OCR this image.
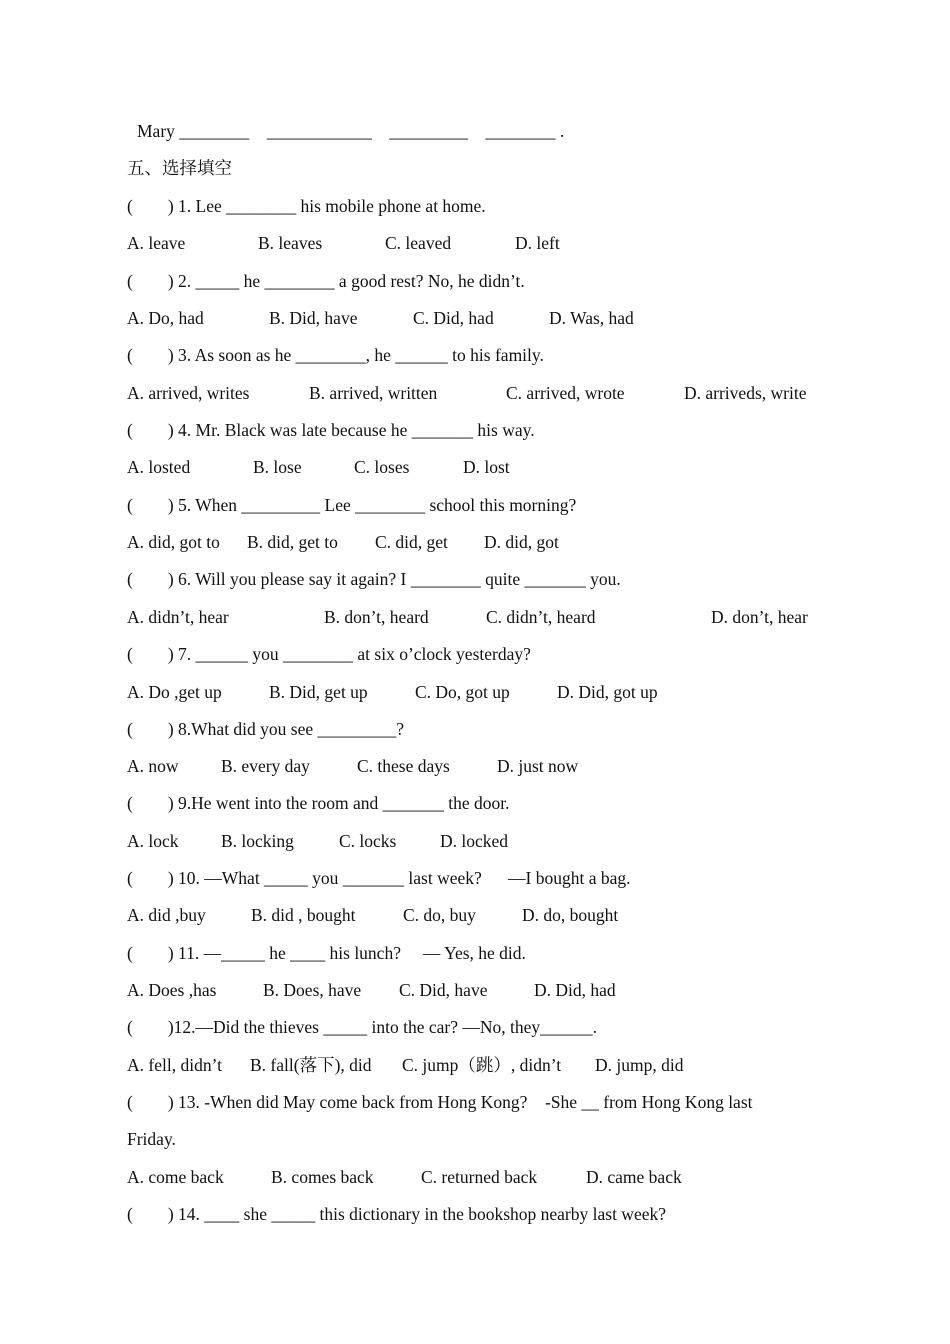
Mary ________    ____________    _________    ________ .
五、选择填空
(        ) 1. Lee ________ his mobile phone at home.

A. leave

	B. leaves

	C. leaved

	D. left

(        ) 2. _____ he ________ a good rest? No, he didn’t.

A. Do, had

	B. Did, have

	C. Did, had

	D. Was, had

(        ) 3. As soon as he ________, he ______ to his family.

A. arrived, writes

	B. arrived, written

	C. arrived, wrote

	D. arriveds, write

(        ) 4. Mr. Black was late because he _______ his way.

A. losted

	B. lose

	C. loses

	D. lost

(        ) 5. When _________ Lee ________ school this morning?

A. did, got to

B. did, get to

C. did, get

D. did, got

(        ) 6. Will you please say it again? I ________ quite _______ you.

A. didn’t, hear

	B. don’t, heard

	C. didn’t, heard

	D. don’t, hear

(        ) 7. ______ you ________ at six o’clock yesterday?

A. Do ,get up

	B. Did, get up

	C. Do, got up

	D. Did, got up

(        ) 8.What did you see _________?

A. now

B. every day

	C. these days

	D. just now

(        ) 9.He went into the room and _______ the door.

A. lock

B. locking

	C. locks

D. locked

(        ) 10. —What _____ you _______ last week?      —I bought a bag.

A. did ,buy

	B. did , bought

	C. do, buy

	D. do, bought

(        ) 11. —_____ he ____ his lunch?     — Yes, he did.

A. Does ,has

	B. Does, have

C. Did, have

	D. Did, had

(        )12.—Did the thieves _____ into the car? —No, they______.

A. fell, didn’t

B. fall(落下), did

C. jump（跳）, didn’t

D. jump, did

(        ) 13. -When did May come back from Hong Kong?    -She __ from Hong Kong last
Friday.

A. come back

	B. comes back

	C. returned back

	D. came back

(        ) 14. ____ she _____ this dictionary in the bookshop nearby last week?
